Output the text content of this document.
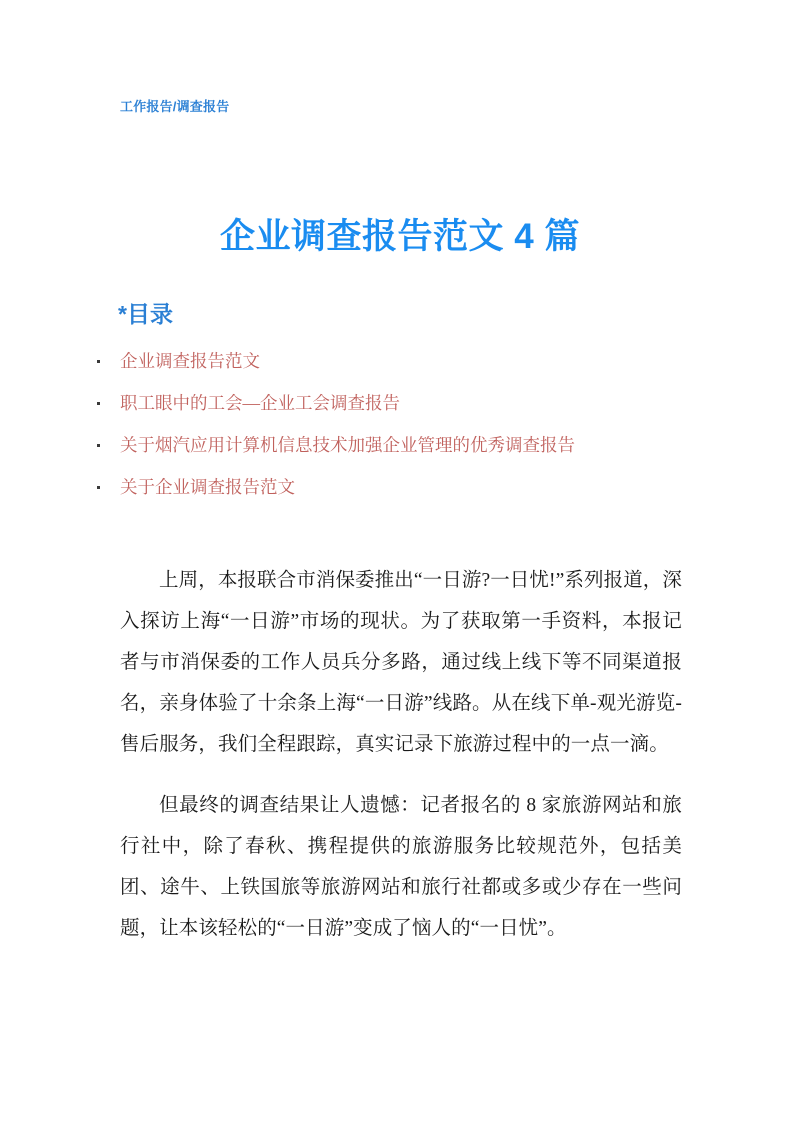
工作报告/调查报告
企业调查报告范文 4 篇
*目录
企业调查报告范文
职工眼中的工会—企业工会调查报告
关于烟汽应用计算机信息技术加强企业管理的优秀调查报告
关于企业调查报告范文

上周，本报联合市消保委推出“一日游?一日忧!”系列报道，深入探访上海“一日游”市场的现状。为了获取第一手资料，本报记者与市消保委的工作人员兵分多路，通过线上线下等不同渠道报名，亲身体验了十余条上海“一日游”线路。从在线下单-观光游览-售后服务，我们全程跟踪，真实记录下旅游过程中的一点一滴。

但最终的调查结果让人遗憾：记者报名的 8 家旅游网站和旅行社中，除了春秋、携程提供的旅游服务比较规范外，包括美团、途牛、上铁国旅等旅游网站和旅行社都或多或少存在一些问题，让本该轻松的“一日游”变成了恼人的“一日忧”。
